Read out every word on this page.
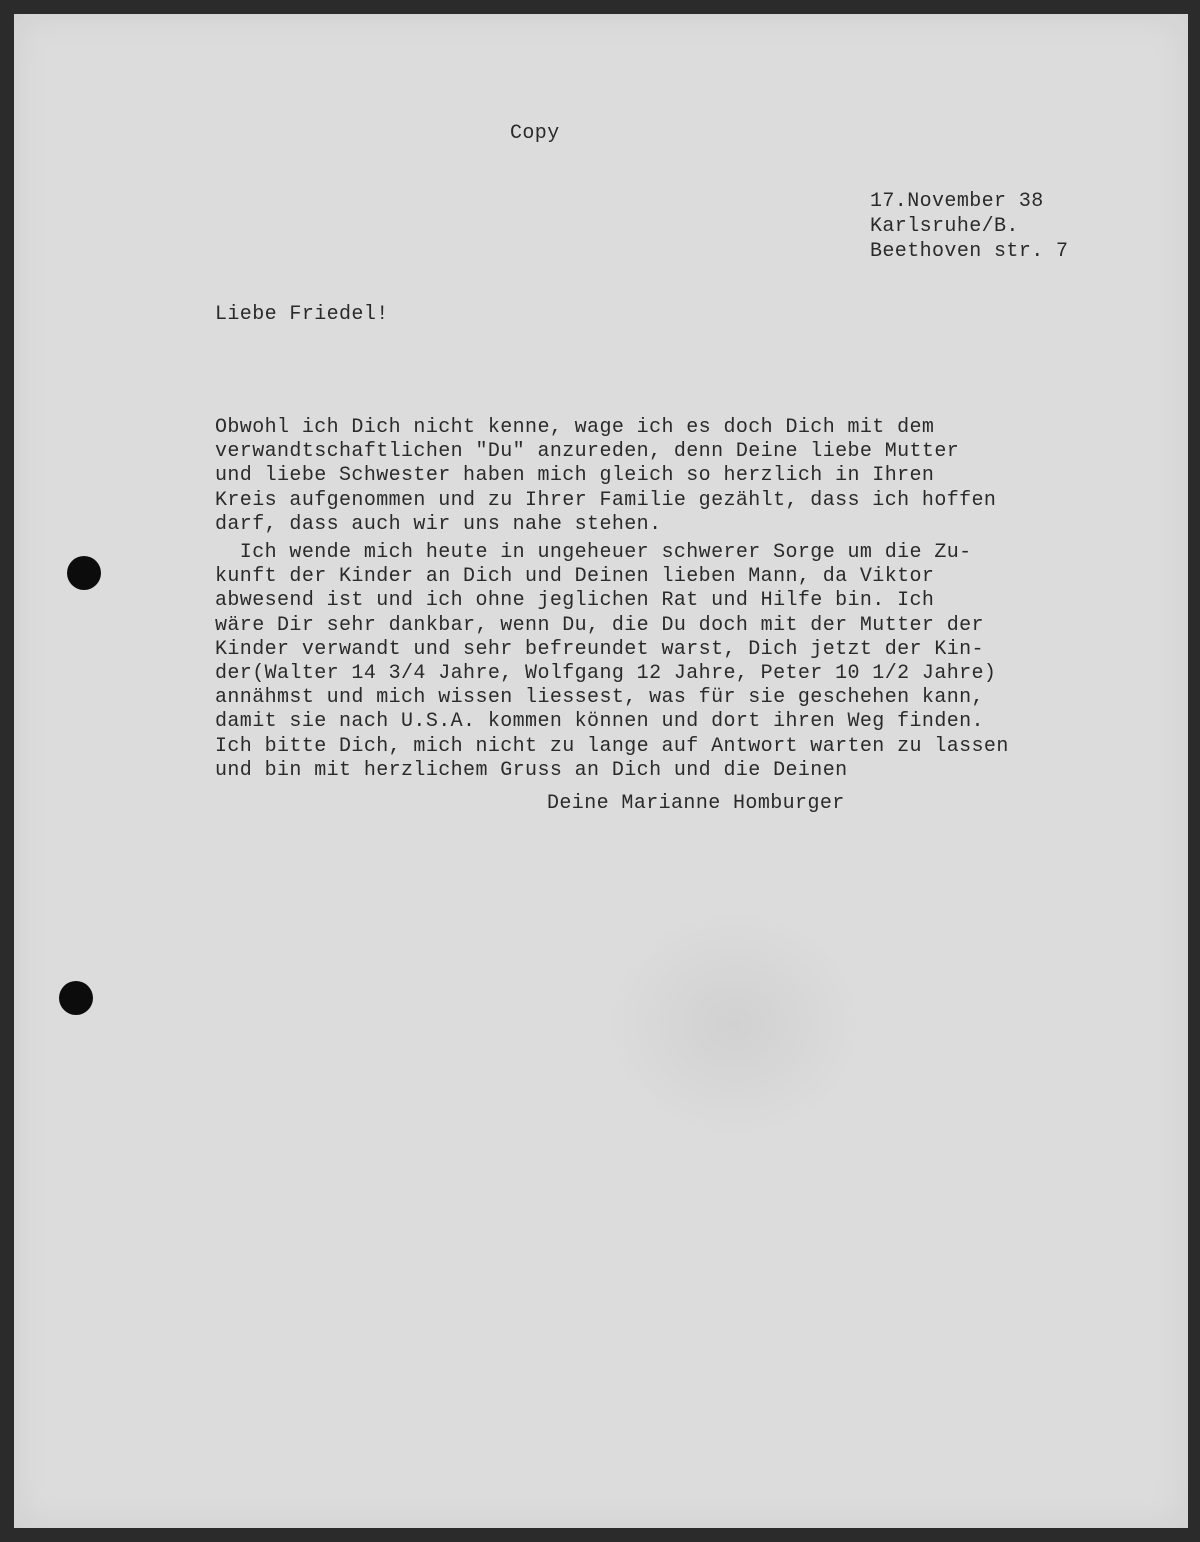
Copy
17.November 38
Karlsruhe/B.
Beethoven str. 7
Liebe Friedel!
Obwohl ich Dich nicht kenne, wage ich es doch Dich mit dem
verwandtschaftlichen "Du" anzureden, denn Deine liebe Mutter
und liebe Schwester haben mich gleich so herzlich in Ihren
Kreis aufgenommen und zu Ihrer Familie gezählt, dass ich hoffen
darf, dass auch wir uns nahe stehen.
Ich wende mich heute in ungeheuer schwerer Sorge um die Zu-
kunft der Kinder an Dich und Deinen lieben Mann, da Viktor
abwesend ist und ich ohne jeglichen Rat und Hilfe bin. Ich
wäre Dir sehr dankbar, wenn Du, die Du doch mit der Mutter der
Kinder verwandt und sehr befreundet warst, Dich jetzt der Kin-
der(Walter 14 3/4 Jahre, Wolfgang 12 Jahre, Peter 10 1/2 Jahre)
annähmst und mich wissen liessest, was für sie geschehen kann,
damit sie nach U.S.A. kommen können und dort ihren Weg finden.
Ich bitte Dich, mich nicht zu lange auf Antwort warten zu lassen
und bin mit herzlichem Gruss an Dich und die Deinen
Deine Marianne Homburger
